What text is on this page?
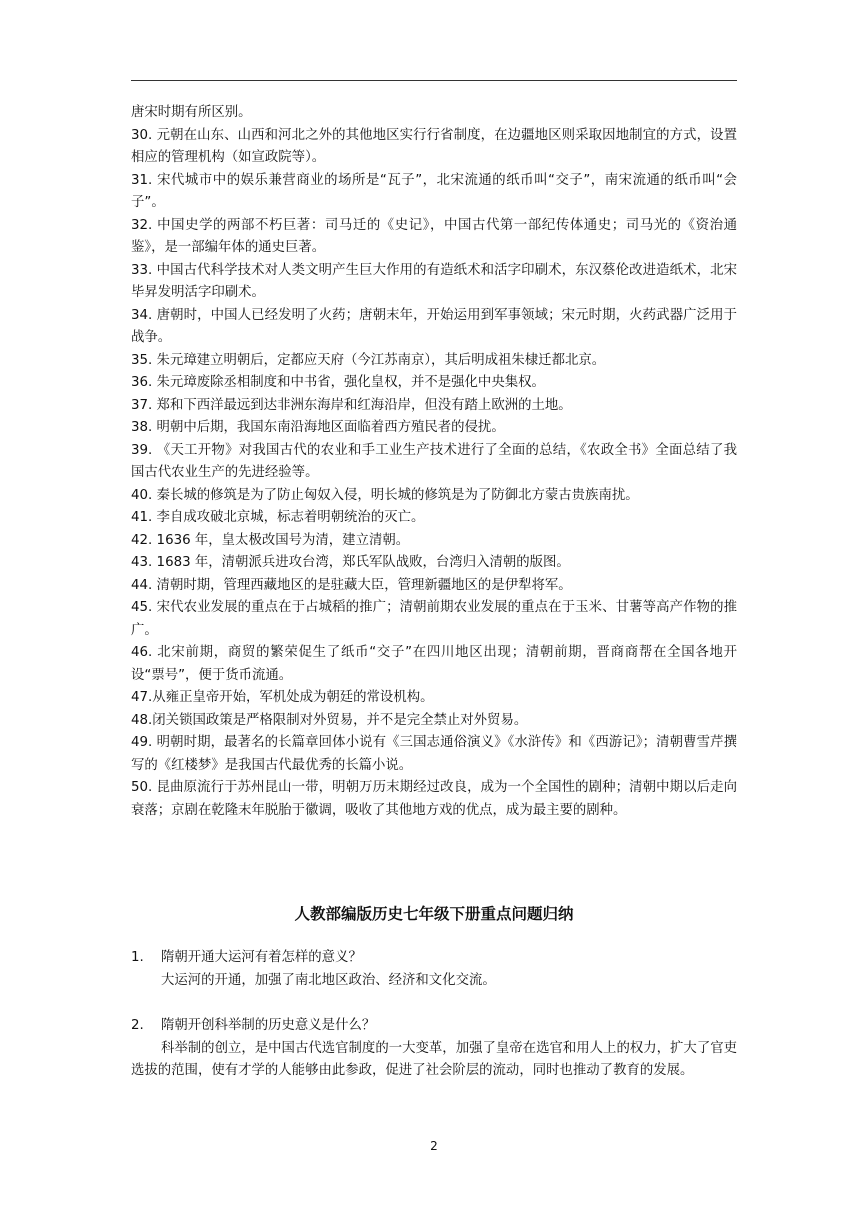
唐宋时期有所区别。

30. 元朝在山东、山西和河北之外的其他地区实行行省制度，在边疆地区则采取因地制宜的方式，设置相应的管理机构（如宣政院等）。

31. 宋代城市中的娱乐兼营商业的场所是“瓦子”，北宋流通的纸币叫“交子”，南宋流通的纸币叫“会子”。

32. 中国史学的两部不朽巨著：司马迁的《史记》，中国古代第一部纪传体通史；司马光的《资治通鉴》，是一部编年体的通史巨著。

33. 中国古代科学技术对人类文明产生巨大作用的有造纸术和活字印刷术，东汉蔡伦改进造纸术，北宋毕昇发明活字印刷术。

34. 唐朝时，中国人已经发明了火药；唐朝末年，开始运用到军事领域；宋元时期，火药武器广泛用于战争。

35. 朱元璋建立明朝后，定都应天府（今江苏南京），其后明成祖朱棣迁都北京。

36. 朱元璋废除丞相制度和中书省，强化皇权，并不是强化中央集权。

37. 郑和下西洋最远到达非洲东海岸和红海沿岸，但没有踏上欧洲的土地。

38. 明朝中后期，我国东南沿海地区面临着西方殖民者的侵扰。

39. 《天工开物》对我国古代的农业和手工业生产技术进行了全面的总结，《农政全书》全面总结了我国古代农业生产的先进经验等。

40. 秦长城的修筑是为了防止匈奴入侵，明长城的修筑是为了防御北方蒙古贵族南扰。

41. 李自成攻破北京城，标志着明朝统治的灭亡。

42. 1636 年，皇太极改国号为清，建立清朝。

43. 1683 年，清朝派兵进攻台湾，郑氏军队战败，台湾归入清朝的版图。

44. 清朝时期，管理西藏地区的是驻藏大臣，管理新疆地区的是伊犁将军。

45. 宋代农业发展的重点在于占城稻的推广；清朝前期农业发展的重点在于玉米、甘薯等高产作物的推广。

46. 北宋前期，商贸的繁荣促生了纸币“交子”在四川地区出现；清朝前期，晋商商帮在全国各地开设“票号”，便于货币流通。

47.从雍正皇帝开始，军机处成为朝廷的常设机构。

48.闭关锁国政策是严格限制对外贸易，并不是完全禁止对外贸易。

49. 明朝时期，最著名的长篇章回体小说有《三国志通俗演义》《水浒传》和《西游记》；清朝曹雪芹撰写的《红楼梦》是我国古代最优秀的长篇小说。

50. 昆曲原流行于苏州昆山一带，明朝万历末期经过改良，成为一个全国性的剧种；清朝中期以后走向衰落；京剧在乾隆末年脱胎于徽调，吸收了其他地方戏的优点，成为最主要的剧种。

人教部编版历史七年级下册重点问题归纳

1. 隋朝开通大运河有着怎样的意义？

大运河的开通，加强了南北地区政治、经济和文化交流。

2. 隋朝开创科举制的历史意义是什么？

科举制的创立，是中国古代选官制度的一大变革，加强了皇帝在选官和用人上的权力，扩大了官吏选拔的范围，使有才学的人能够由此参政，促进了社会阶层的流动，同时也推动了教育的发展。

2
